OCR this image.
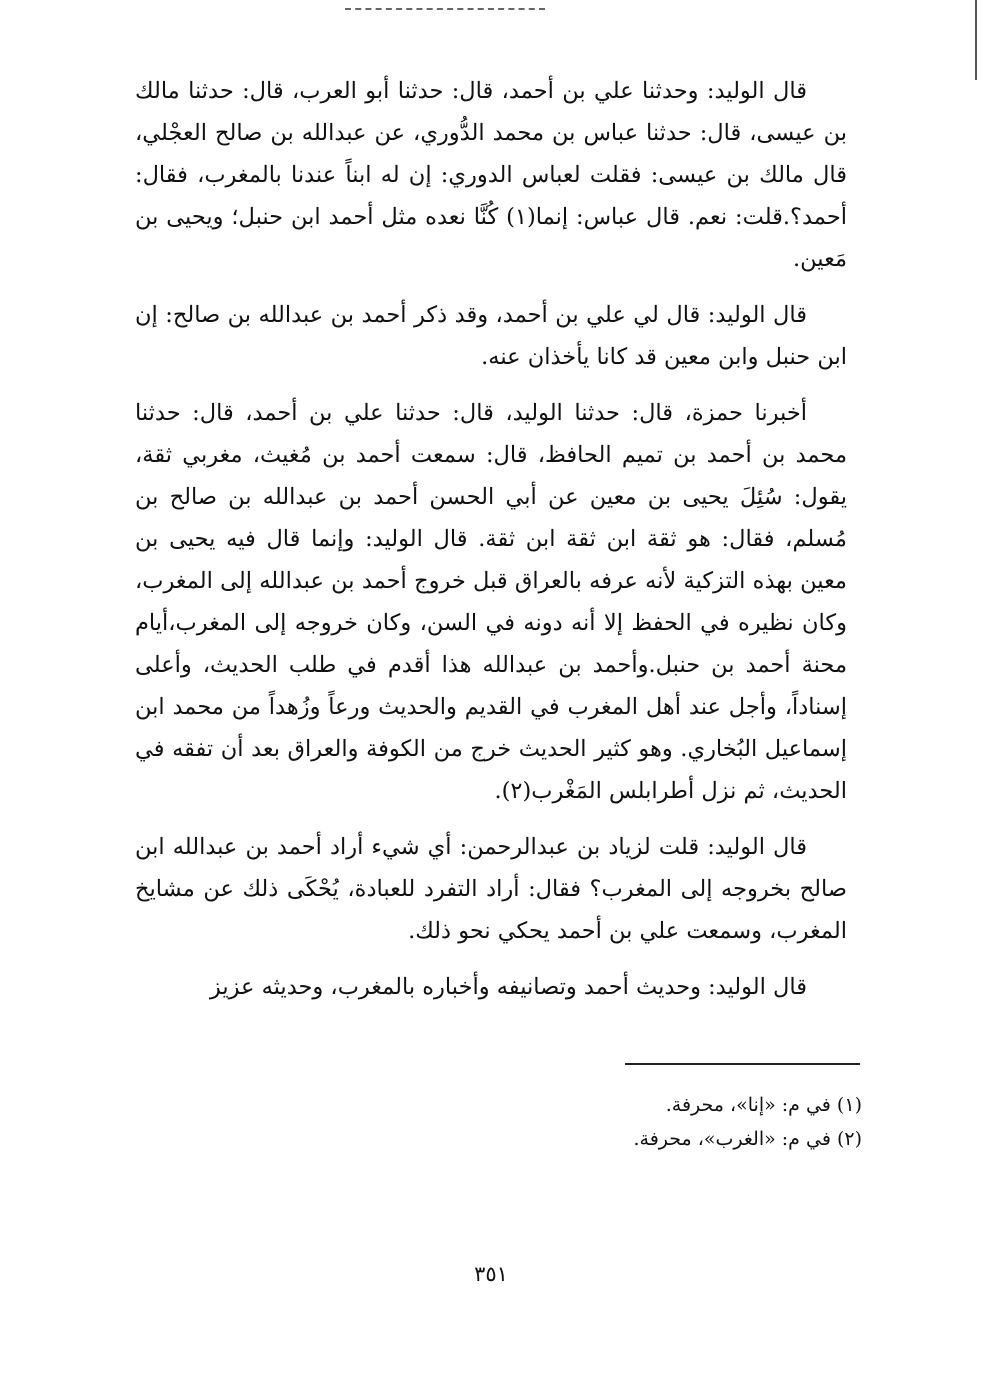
قال الوليد: وحدثنا علي بن أحمد، قال: حدثنا أبو العرب، قال: حدثنا مالك بن عيسى، قال: حدثنا عباس بن محمد الدُّوري، عن عبدالله بن صالح العجْلي، قال مالك بن عيسى: فقلت لعباس الدوري: إن له ابناً عندنا بالمغرب، فقال: أحمد؟.قلت: نعم. قال عباس: إنما(١) كُنَّا نعده مثل أحمد ابن حنبل؛ ويحيى بن مَعين.

قال الوليد: قال لي علي بن أحمد، وقد ذكر أحمد بن عبدالله بن صالح: إن ابن حنبل وابن معين قد كانا يأخذان عنه.

أخبرنا حمزة، قال: حدثنا الوليد، قال: حدثنا علي بن أحمد، قال: حدثنا محمد بن أحمد بن تميم الحافظ، قال: سمعت أحمد بن مُغيث، مغربي ثقة، يقول: سُئِلَ يحيى بن معين عن أبي الحسن أحمد بن عبدالله بن صالح بن مُسلم، فقال: هو ثقة ابن ثقة ابن ثقة. قال الوليد: وإنما قال فيه يحيى بن معين بهذه التزكية لأنه عرفه بالعراق قبل خروج أحمد بن عبدالله إلى المغرب، وكان نظيره في الحفظ إلا أنه دونه في السن، وكان خروجه إلى المغرب،أيام محنة أحمد بن حنبل.وأحمد بن عبدالله هذا أقدم في طلب الحديث، وأعلى إسناداً، وأجل عند أهل المغرب في القديم والحديث ورعاً وزُهداً من محمد ابن إسماعيل البُخاري. وهو كثير الحديث خرج من الكوفة والعراق بعد أن تفقه في الحديث، ثم نزل أطرابلس المَغْرب(٢).

قال الوليد: قلت لزياد بن عبدالرحمن: أي شيء أراد أحمد بن عبدالله ابن صالح بخروجه إلى المغرب؟ فقال: أراد التفرد للعبادة، يُحْكَى ذلك عن مشايخ المغرب، وسمعت علي بن أحمد يحكي نحو ذلك.

قال الوليد: وحديث أحمد وتصانيفه وأخباره بالمغرب، وحديثه عزيز

(١) في م: «إنا»، محرفة.

(٢) في م: «الغرب»، محرفة.

٣٥١
